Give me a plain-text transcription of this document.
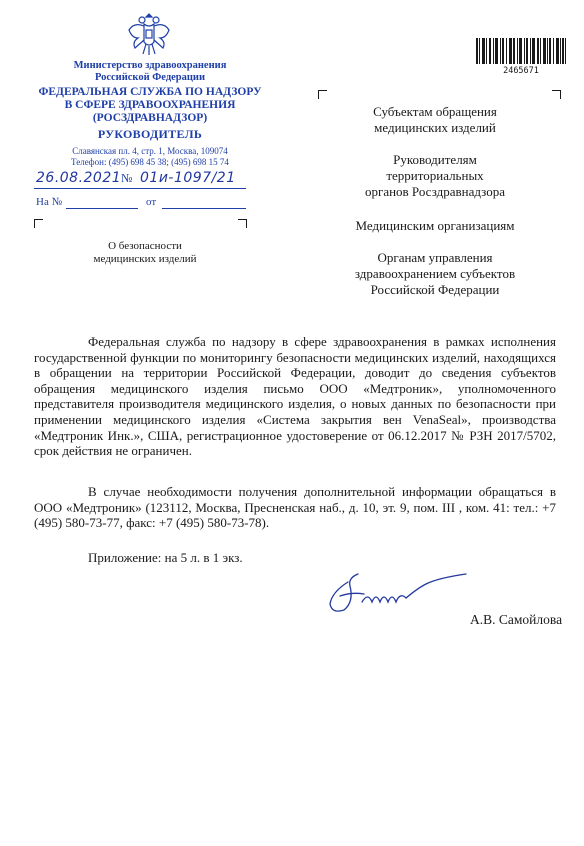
Министерство здравоохранения
Российской Федерации
ФЕДЕРАЛЬНАЯ СЛУЖБА ПО НАДЗОРУ
В СФЕРЕ ЗДРАВООХРАНЕНИЯ
(РОСЗДРАВНАДЗОР)
РУКОВОДИТЕЛЬ
Славянская пл. 4, стр. 1, Москва, 109074
Телефон: (495) 698 45 38; (495) 698 15 74
26.08.2021 № 01и-1097/21
На №	от
О безопасности
медицинских изделий
2465671
Субъектам обращения
медицинских изделий
Руководителям
территориальных
органов Росздравнадзора
Медицинским организациям
Органам управления
здравоохранением субъектов
Российской Федерации
Федеральная служба по надзору в сфере здравоохранения в рамках исполнения государственной функции по мониторингу безопасности медицинских изделий, находящихся в обращении на территории Российской Федерации, доводит до сведения субъектов обращения медицинского изделия письмо ООО «Медтроник», уполномоченного представителя производителя медицинского изделия, о новых данных по безопасности при применении медицинского изделия «Система закрытия вен VenaSeal», производства «Медтроник Инк.», США, регистрационное удостоверение от 06.12.2017 № РЗН 2017/5702, срок действия не ограничен.
В случае необходимости получения дополнительной информации обращаться в ООО «Медтроник» (123112, Москва, Пресненская наб., д. 10, эт. 9, пом. III , ком. 41: тел.: +7 (495) 580-73-77, факс: +7 (495) 580-73-78).
Приложение: на 5 л. в 1 экз.
А.В. Самойлова
